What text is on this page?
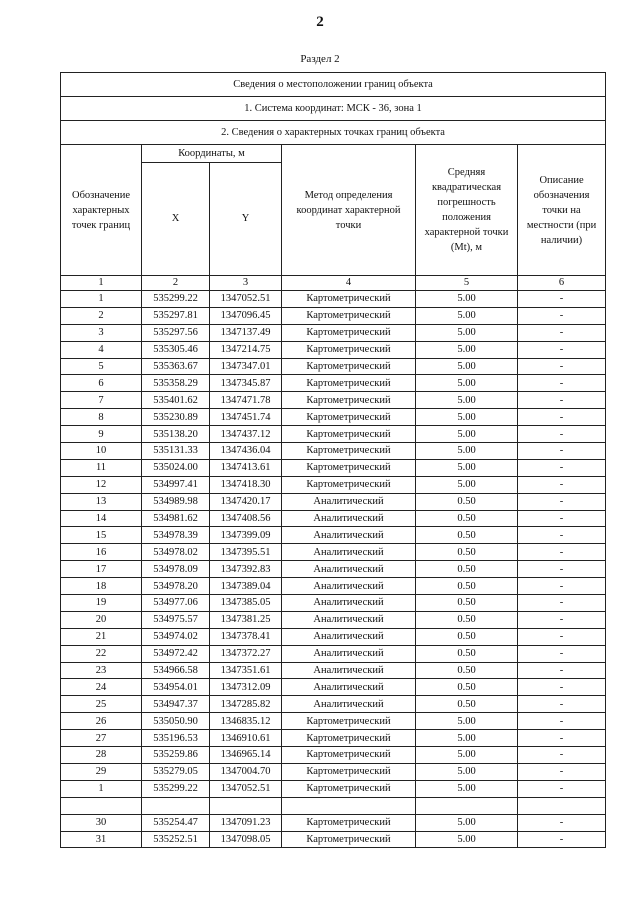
2
Раздел 2
Сведения о местоположении границ объекта					
1. Система координат: МСК - 36, зона 1					
2. Сведения о характерных точках границ объекта					
Обозначение характерных точек границ	Координаты, м		Метод определения координат характерной точки	Средняя квадратическая погрешность положения характерной точки (Mt), м	Описание обозначения точки на местности (при наличии)
	X	Y			
1	2	3	4	5	6
1	535299.22	1347052.51	Картометрический	5.00	-
2	535297.81	1347096.45	Картометрический	5.00	-
3	535297.56	1347137.49	Картометрический	5.00	-
4	535305.46	1347214.75	Картометрический	5.00	-
5	535363.67	1347347.01	Картометрический	5.00	-
6	535358.29	1347345.87	Картометрический	5.00	-
7	535401.62	1347471.78	Картометрический	5.00	-
8	535230.89	1347451.74	Картометрический	5.00	-
9	535138.20	1347437.12	Картометрический	5.00	-
10	535131.33	1347436.04	Картометрический	5.00	-
11	535024.00	1347413.61	Картометрический	5.00	-
12	534997.41	1347418.30	Картометрический	5.00	-
13	534989.98	1347420.17	Аналитический	0.50	-
14	534981.62	1347408.56	Аналитический	0.50	-
15	534978.39	1347399.09	Аналитический	0.50	-
16	534978.02	1347395.51	Аналитический	0.50	-
17	534978.09	1347392.83	Аналитический	0.50	-
18	534978.20	1347389.04	Аналитический	0.50	-
19	534977.06	1347385.05	Аналитический	0.50	-
20	534975.57	1347381.25	Аналитический	0.50	-
21	534974.02	1347378.41	Аналитический	0.50	-
22	534972.42	1347372.27	Аналитический	0.50	-
23	534966.58	1347351.61	Аналитический	0.50	-
24	534954.01	1347312.09	Аналитический	0.50	-
25	534947.37	1347285.82	Аналитический	0.50	-
26	535050.90	1346835.12	Картометрический	5.00	-
27	535196.53	1346910.61	Картометрический	5.00	-
28	535259.86	1346965.14	Картометрический	5.00	-
29	535279.05	1347004.70	Картометрический	5.00	-
1	535299.22	1347052.51	Картометрический	5.00	-

30	535254.47	1347091.23	Картометрический	5.00	-
31	535252.51	1347098.05	Картометрический	5.00	-
